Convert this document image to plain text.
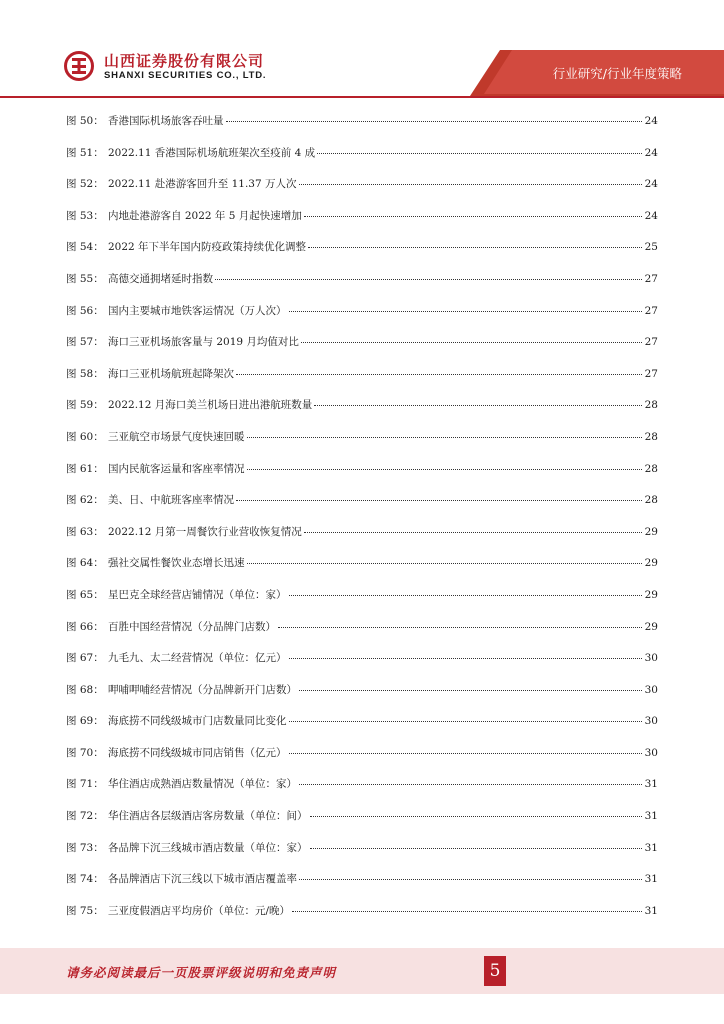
山西证券股份有限公司
SHANXI SECURITIES CO., LTD.	行业研究/行业年度策略
图 50： 香港国际机场旅客吞吐量	24
图 51： 2022.11 香港国际机场航班架次至疫前 4 成	24
图 52： 2022.11 赴港游客回升至 11.37 万人次	24
图 53： 内地赴港游客自 2022 年 5 月起快速增加	24
图 54： 2022 年下半年国内防疫政策持续优化调整	25
图 55： 高德交通拥堵延时指数	27
图 56： 国内主要城市地铁客运情况（万人次）	27
图 57： 海口三亚机场旅客量与 2019 月均值对比	27
图 58： 海口三亚机场航班起降架次	27
图 59： 2022.12 月海口美兰机场日进出港航班数量	28
图 60： 三亚航空市场景气度快速回暖	28
图 61： 国内民航客运量和客座率情况	28
图 62： 美、日、中航班客座率情况	28
图 63： 2022.12 月第一周餐饮行业营收恢复情况	29
图 64： 强社交属性餐饮业态增长迅速	29
图 65： 星巴克全球经营店铺情况（单位：家）	29
图 66： 百胜中国经营情况（分品牌门店数）	29
图 67： 九毛九、太二经营情况（单位：亿元）	30
图 68： 呷哺呷哺经营情况（分品牌新开门店数）	30
图 69： 海底捞不同线级城市门店数量同比变化	30
图 70： 海底捞不同线级城市同店销售（亿元）	30
图 71： 华住酒店成熟酒店数量情况（单位：家）	31
图 72： 华住酒店各层级酒店客房数量（单位：间）	31
图 73： 各品牌下沉三线城市酒店数量（单位：家）	31
图 74： 各品牌酒店下沉三线以下城市酒店覆盖率	31
图 75： 三亚度假酒店平均房价（单位：元/晚）	31
请务必阅读最后一页股票评级说明和免责声明	5
